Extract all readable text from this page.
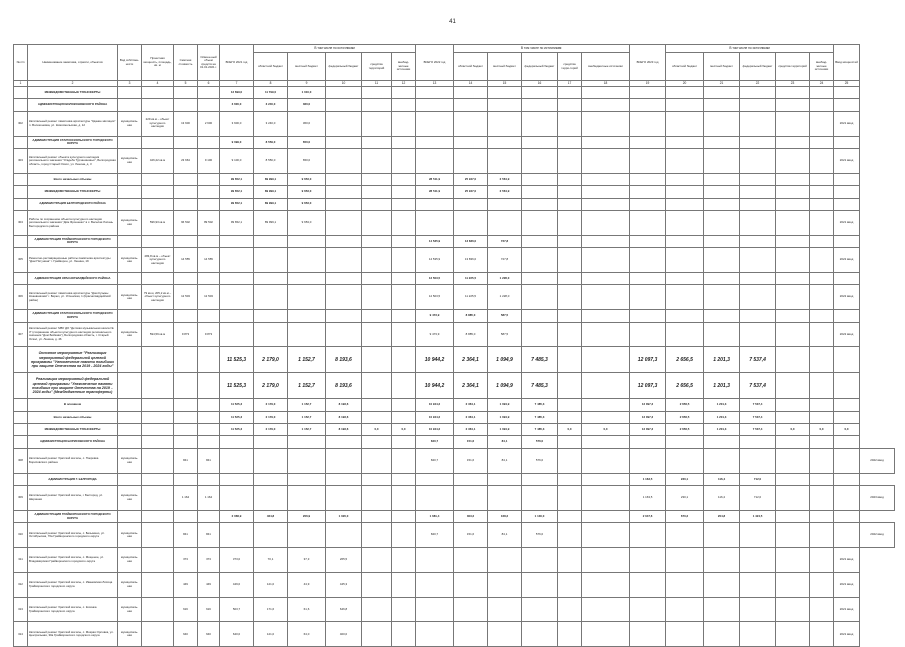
41
№ п/п	Наименование заказчика, отрасли, объектов	Вид собствен-ности	Проектная мощность, площадь, кв. м	Сметная стоимость	Освоен-ный объем средств на 01.01.2021 г.	ВСЕГО 2021 год	В том числе по источникам					ВСЕГО 2022 год	В том числе по источникам:					ВСЕГО 2023 год	В том числе по источникам					Ввод мощностей	
							областной бюджет	местный бюджет	федеральный бюджет	средства территорий	внебюд-жетные источники		областной бюджет	местный бюджет	федеральный бюджет	средства терри-торий	внебюджетные источники		областной бюджет	местный бюджет	федеральный бюджет	средства территорий	внебюд-жетные источники		
1	2	3	4	5	6	7	8	9	10	11	12	13	14	15	16	17	18	19	20	21	22	23	24	25	
	МЕЖВЕДОМСТВЕННЫЕ ТРАНСФЕРТЫ					12 699,0	11 799,0	1 010,0																	
	АДМИНИСТРАЦИЯ ВОЛОКОНОВСКОГО РАЙОНА					3 600,0	3 240,0	360,0																	
302	Капитальный ремонт памятника архитектуры "Здание милиции" п. Волоконовка, ул. Комсомольская, д. 12	муниципаль-ная	229 кв.м – объект культурного наследия	13 600	2 600	3 600,0	3 240,0	360,0																2021 ввод	
	АДМИНИСТРАЦИЯ СТАРООСКОЛЬСКОГО ГОРОДСКОГО ОКРУГА					9 099,0	8 559,0	650,0																	
303	Капитальный ремонт объекта культурного наследия регионального значения "Усадьба Турчаниновых", Белгородская область, город Старый Оскол, ул. Ленина, д. 3	муниципаль-ная	426,22 кв.м	23 664	9 100	9 100,0	8 550,0	650,0																2021 ввод	
	Всего начальных объемы					99 652,1	89 999,1	9 653,0				28 511,9	25 947,0	2 564,9											
	МЕЖВЕДОМСТВЕННЫЕ ТРАНСФЕРТЫ					99 652,1	89 999,1	9 653,0				28 511,9	25 947,0	2 564,9											
	АДМИНИСТРАЦИЯ БЕЛГОРОДСКОГО РАЙОНА					99 652,1	89 999,1	9 653,0																	
304	Работы по сохранению объекта культурного наследия регионального значения "Дом Ярошенко" в с. Веселая Лопань Белгородского района	муниципаль-ная	596,93 кв.м	96 502	89 502	99 652,1	89 999,1	9 653,0																2021 ввод	
	АДМИНИСТРАЦИЯ ГРАЙВОРОНСКОГО ГОРОДСКОГО ОКРУГА											14 535,9	13 836,0	727,8											
305	Ремонтно-реставрационные работы памятника архитектуры "Дом Пятунина" г. Грайворон, ул. Ленина, 19	муниципаль-ная	283,8 кв.м – объект культурного наследия	14 555	14 555							14 535,9	13 836,0	727,8										2022 ввод	
	АДМИНИСТРАЦИЯ КРАСНОГВАРДЕЙСКОГО РАЙОНА											12 503,5	11 225,5	1 228,0											
306	Капитальный ремонт памятника архитектуры "Дом Кузьмы Кожевникова" г. Бирюч, ул. Успенская, 1 (Красногвардейский район)	муниципаль-ная	79 кв.м, 205,2 кв.м – объект культурного наследия	12 503	12 503							12 503,5	11 225,5	1 228,0										2022 ввод	
	АДМИНИСТРАЦИЯ СТАРООСКОЛЬСКОГО ГОРОДСКОГО ОКРУГА											9 473,9	8 885,0	587,5											
307	Капитальный ремонт МБУ ДО "Детская музыкальная школа № 3" (сохранение объекта культурного наследия регионального значения "Дом Бойкова"), Белгородская область, г. Старый Оскол, ул. Ленина, д. 46	муниципаль-ная	594,59 кв.м	9 873	9 873							9 473,9	8 885,0	587,5										2022 ввод	
	Основное мероприятие "Реализация мероприятий федеральной целевой программы "Увековечение памяти погибших при защите Отечества на 2019 - 2024 годы"					11 525,3	2 179,0	1 152,7	8 193,6			10 944,2	2 364,1	1 094,9	7 485,3			12 097,3	2 656,5	1 201,3	7 537,4				
	Реализация мероприятий федеральной целевой программы "Увековечение памяти погибших при защите Отечества на 2019 – 2024 годы" (Межбюджетные трансферты)					11 525,3	2 179,0	1 152,7	8 193,6			10 944,2	2 364,1	1 094,9	7 485,3			12 097,3	2 656,5	1 201,3	7 537,4				
	В основном					11 525,3	2 179,0	1 152,7	8 193,6			10 944,2	2 364,1	1 094,9	7 485,3			12 097,3	2 656,5	1 201,3	7 537,4				
	Всего начальных объемы					11 525,3	2 179,0	1 152,7	8 193,6			10 944,2	2 364,1	1 094,9	7 485,3			12 097,3	2 656,5	1 201,3	7 537,4				
	МЕЖВЕДОМСТВЕННЫЕ ТРАНСФЕРТЫ					11 525,3	2 179,0	1 152,7	8 193,6	0,0	0,0	10 944,2	2 364,1	1 094,9	7 485,3	0,0	0,0	12 097,3	2 656,5	1 201,3	7 537,4	0,0	0,0	0,0	
	АДМИНИСТРАЦИЯ БОРИСОВСКОГО РАЙОНА											840,7	151,6	84,1	576,0										
308	Капитальный ремонт братской могилы, с. Покровка Борисовского района	муниципаль-ная		841	841							840,7	151,6	84,1	576,0										2022 ввод
	АДМИНИСТРАЦИЯ Г. БЕЛГОРОДА																	1 163,5	230,1	116,4	712,0				
309	Капитальный ремонт братской могилы, г. Белгород, ул. Шершнев	муниципаль-ная		1 164	1 164													1 163,5	230,1	116,4	712,0				2023 ввод
	АДМИНИСТРАЦИЯ ГРАЙВОРОНСКОГО ГОРОДСКОГО ОКРУГА					2 068,9	464,8	206,9	1 020,0			1 681,4	303,2	168,2	1 130,0			2 047,6	670,2	204,8	1 424,5				
310	Капитальный ремонт братской могилы, с. Безымено, ул. Октябрьская, 76а Грайворонского городского округа	муниципаль-ная		841	841							840,7	151,6	84,1	576,0										2022 ввод
311	Капитальный ремонт братской могилы, с. Мощеное, ул. Владимирская Грайворонского городского округа	муниципаль-ная		373	373	373,0	70,1	37,3	265,5															2021 ввод	
312	Капитальный ремонт братской могилы, с. Ивановская Лисица Грайворонского городского округа	муниципаль-ная		449	449	449,0	121,0	44,9	445,3															2021 ввод	
313	Капитальный ремонт братской могилы, с. Козинка Грайворонского городского округа	муниципаль-ная		616	616	503,7	171,6	61,6	646,8															2021 ввод	
314	Капитальный ремонт братской могилы, с. Мокрая Орловка, ул. Центральная, 30а Грайворонского городского округа	муниципаль-ная		640	640	640,0	121,0	64,0	400,0															2021 ввод	
